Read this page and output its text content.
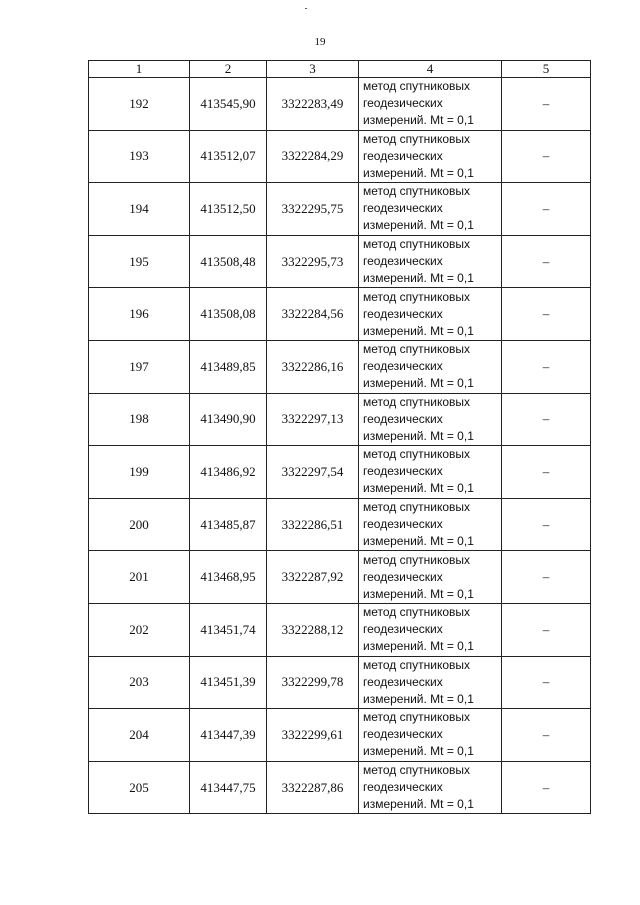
19
1	2	3	4	5
192	413545,90	3322283,49	метод спутниковых
геодезических
измерений. Mt = 0,1	–
193	413512,07	3322284,29	метод спутниковых
геодезических
измерений. Mt = 0,1	–
194	413512,50	3322295,75	метод спутниковых
геодезических
измерений. Mt = 0,1	–
195	413508,48	3322295,73	метод спутниковых
геодезических
измерений. Mt = 0,1	–
196	413508,08	3322284,56	метод спутниковых
геодезических
измерений. Mt = 0,1	–
197	413489,85	3322286,16	метод спутниковых
геодезических
измерений. Mt = 0,1	–
198	413490,90	3322297,13	метод спутниковых
геодезических
измерений. Mt = 0,1	–
199	413486,92	3322297,54	метод спутниковых
геодезических
измерений. Mt = 0,1	–
200	413485,87	3322286,51	метод спутниковых
геодезических
измерений. Mt = 0,1	–
201	413468,95	3322287,92	метод спутниковых
геодезических
измерений. Mt = 0,1	–
202	413451,74	3322288,12	метод спутниковых
геодезических
измерений. Mt = 0,1	–
203	413451,39	3322299,78	метод спутниковых
геодезических
измерений. Mt = 0,1	–
204	413447,39	3322299,61	метод спутниковых
геодезических
измерений. Mt = 0,1	–
205	413447,75	3322287,86	метод спутниковых
геодезических
измерений. Mt = 0,1	–
